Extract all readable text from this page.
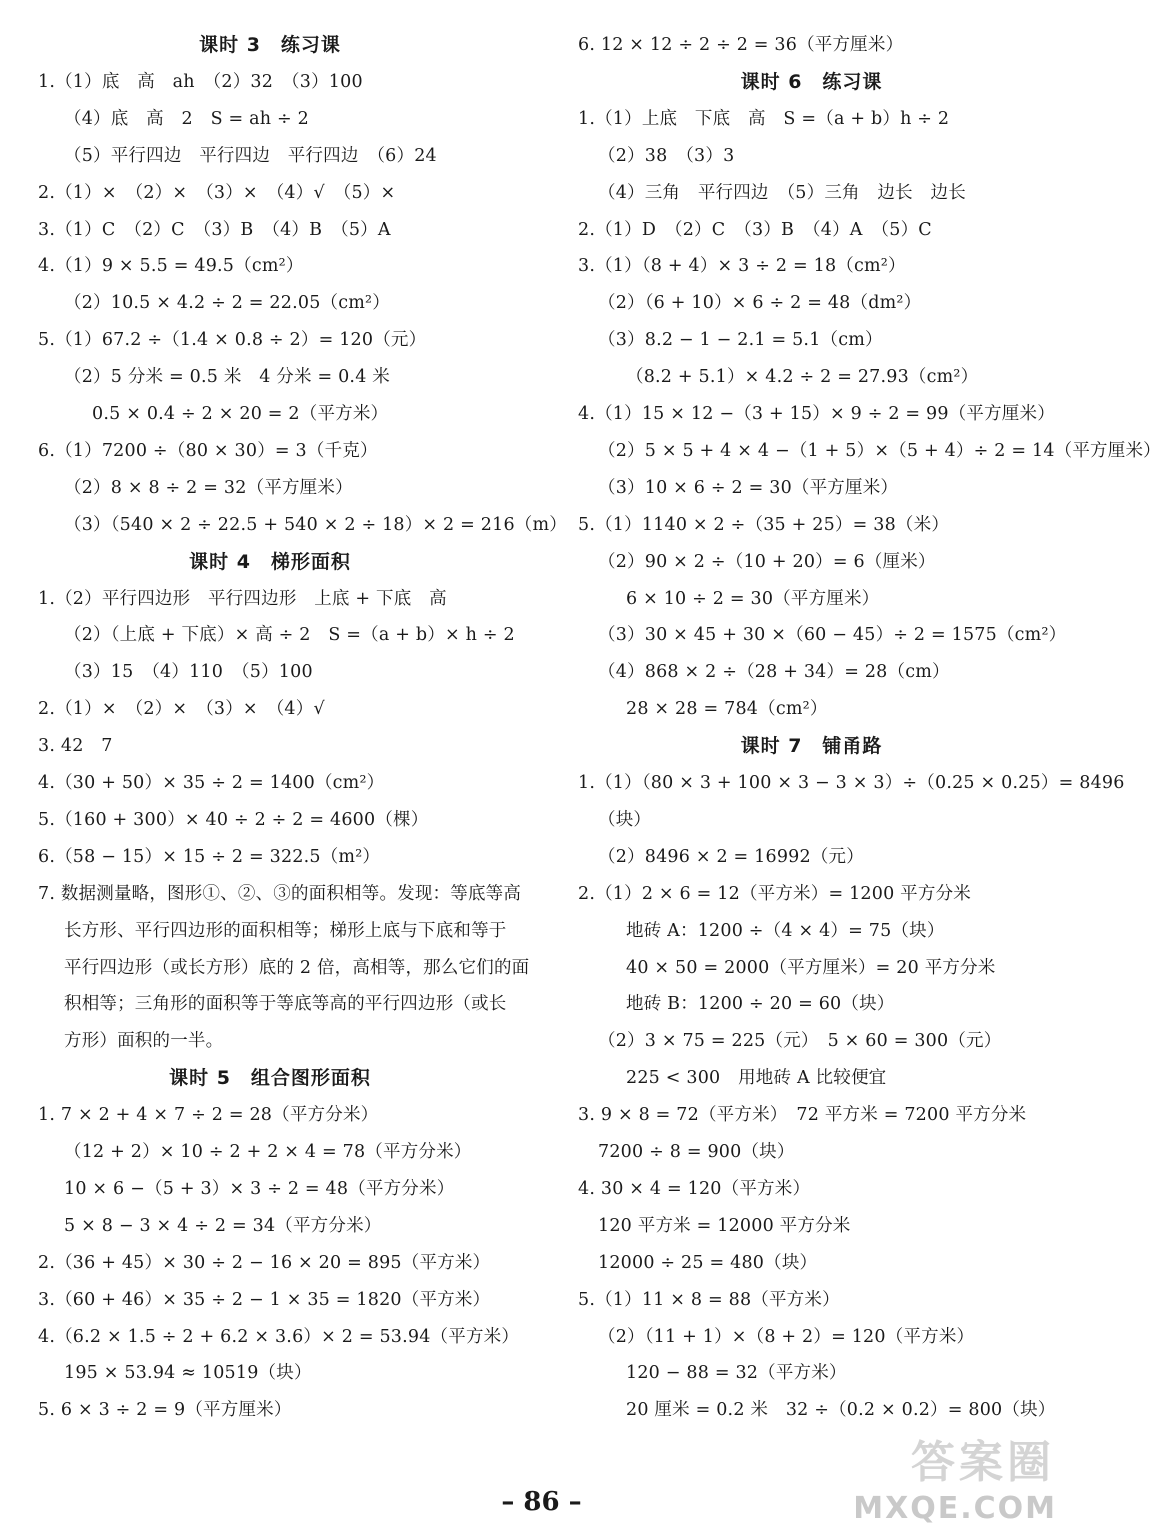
课时 3　练习课
1.（1）底　高　ah　（2）32　（3）100
（4）底　高　2　S = ah ÷ 2
（5）平行四边　平行四边　平行四边　（6）24
2.（1）×　（2）×　（3）×　（4）√　（5）×
3.（1）C　（2）C　（3）B　（4）B　（5）A
4.（1）9 × 5.5 = 49.5（cm²）
（2）10.5 × 4.2 ÷ 2 = 22.05（cm²）
5.（1）67.2 ÷（1.4 × 0.8 ÷ 2）= 120（元）
（2）5 分米 = 0.5 米　4 分米 = 0.4 米
0.5 × 0.4 ÷ 2 × 20 = 2（平方米）
6.（1）7200 ÷（80 × 30）= 3（千克）
（2）8 × 8 ÷ 2 = 32（平方厘米）
（3）（540 × 2 ÷ 22.5 + 540 × 2 ÷ 18）× 2 = 216（m）
课时 4　梯形面积
1.（2）平行四边形　平行四边形　上底 + 下底　高
（2）（上底 + 下底）× 高 ÷ 2　S =（a + b）× h ÷ 2
（3）15　（4）110　（5）100
2.（1）×　（2）×　（3）×　（4）√
3. 42　7
4.（30 + 50）× 35 ÷ 2 = 1400（cm²）
5.（160 + 300）× 40 ÷ 2 ÷ 2 = 4600（棵）
6.（58 − 15）× 15 ÷ 2 = 322.5（m²）
7. 数据测量略，图形①、②、③的面积相等。发现：等底等高
长方形、平行四边形的面积相等；梯形上底与下底和等于
平行四边形（或长方形）底的 2 倍，高相等，那么它们的面
积相等；三角形的面积等于等底等高的平行四边形（或长
方形）面积的一半。
课时 5　组合图形面积
1. 7 × 2 + 4 × 7 ÷ 2 = 28（平方分米）
（12 + 2）× 10 ÷ 2 + 2 × 4 = 78（平方分米）
10 × 6 −（5 + 3）× 3 ÷ 2 = 48（平方分米）
5 × 8 − 3 × 4 ÷ 2 = 34（平方分米）
2.（36 + 45）× 30 ÷ 2 − 16 × 20 = 895（平方米）
3.（60 + 46）× 35 ÷ 2 − 1 × 35 = 1820（平方米）
4.（6.2 × 1.5 ÷ 2 + 6.2 × 3.6）× 2 = 53.94（平方米）
195 × 53.94 ≈ 10519（块）
5. 6 × 3 ÷ 2 = 9（平方厘米）
6. 12 × 12 ÷ 2 ÷ 2 = 36（平方厘米）
课时 6　练习课
1.（1）上底　下底　高　S =（a + b）h ÷ 2
（2）38　（3）3
（4）三角　平行四边　（5）三角　边长　边长
2.（1）D　（2）C　（3）B　（4）A　（5）C
3.（1）（8 + 4）× 3 ÷ 2 = 18（cm²）
（2）（6 + 10）× 6 ÷ 2 = 48（dm²）
（3）8.2 − 1 − 2.1 = 5.1（cm）
（8.2 + 5.1）× 4.2 ÷ 2 = 27.93（cm²）
4.（1）15 × 12 −（3 + 15）× 9 ÷ 2 = 99（平方厘米）
（2）5 × 5 + 4 × 4 −（1 + 5）×（5 + 4）÷ 2 = 14（平方厘米）
（3）10 × 6 ÷ 2 = 30（平方厘米）
5.（1）1140 × 2 ÷（35 + 25）= 38（米）
（2）90 × 2 ÷（10 + 20）= 6（厘米）
6 × 10 ÷ 2 = 30（平方厘米）
（3）30 × 45 + 30 ×（60 − 45）÷ 2 = 1575（cm²）
（4）868 × 2 ÷（28 + 34）= 28（cm）
28 × 28 = 784（cm²）
课时 7　铺甬路
1.（1）（80 × 3 + 100 × 3 − 3 × 3）÷（0.25 × 0.25）= 8496
（块）
（2）8496 × 2 = 16992（元）
2.（1）2 × 6 = 12（平方米）= 1200 平方分米
地砖 A：1200 ÷（4 × 4）= 75（块）
40 × 50 = 2000（平方厘米）= 20 平方分米
地砖 B：1200 ÷ 20 = 60（块）
（2）3 × 75 = 225（元）　5 × 60 = 300（元）
225 < 300　用地砖 A 比较便宜
3. 9 × 8 = 72（平方米）　72 平方米 = 7200 平方分米
7200 ÷ 8 = 900（块）
4. 30 × 4 = 120（平方米）
120 平方米 = 12000 平方分米
12000 ÷ 25 = 480（块）
5.（1）11 × 8 = 88（平方米）
（2）（11 + 1）×（8 + 2）= 120（平方米）
120 − 88 = 32（平方米）
20 厘米 = 0.2 米　32 ÷（0.2 × 0.2）= 800（块）
– 86 –
答案圈
MXQE.COM
